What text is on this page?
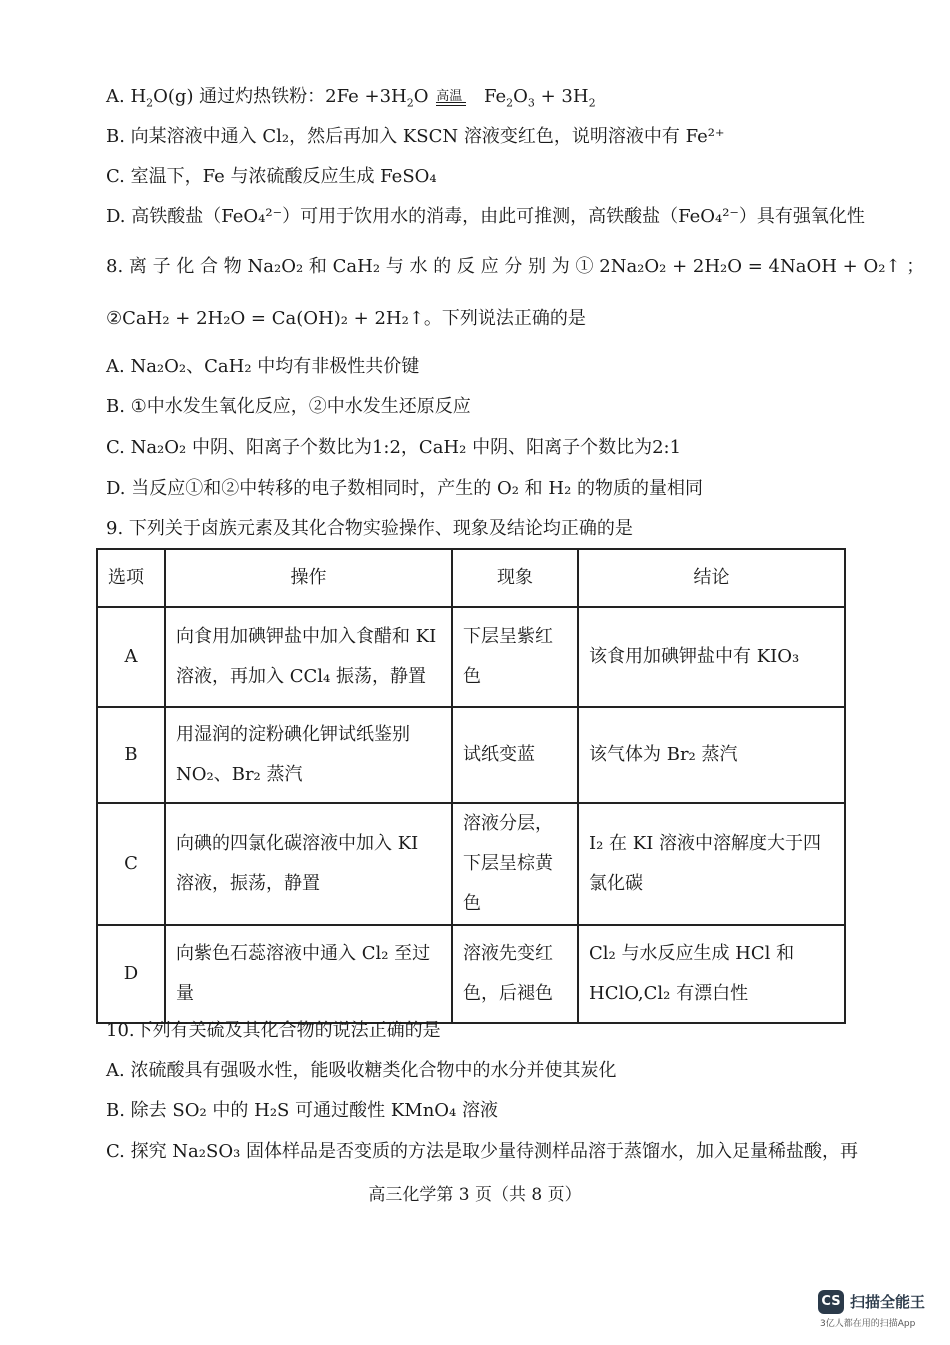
A. $H_2O(g)$ 通过灼热铁粉：$2Fe +3H_2O$ 高温 $Fe_2O_3 + 3H_2$
B. 向某溶液中通入 Cl₂，然后再加入 KSCN 溶液变红色，说明溶液中有 Fe²⁺
C. 室温下，Fe 与浓硫酸反应生成 FeSO₄
D. 高铁酸盐（FeO₄²⁻）可用于饮用水的消毒，由此可推测，高铁酸盐（FeO₄²⁻）具有强氧化性
8. 离 子 化 合 物 Na₂O₂ 和 CaH₂ 与 水 的 反 应 分 别 为 ① 2Na₂O₂ + 2H₂O = 4NaOH + O₂↑ ；
②CaH₂ + 2H₂O = Ca(OH)₂ + 2H₂↑。下列说法正确的是
A. Na₂O₂、CaH₂ 中均有非极性共价键
B. ①中水发生氧化反应，②中水发生还原反应
C. Na₂O₂ 中阴、阳离子个数比为1:2，CaH₂ 中阴、阳离子个数比为2:1
D. 当反应①和②中转移的电子数相同时，产生的 O₂ 和 H₂ 的物质的量相同
9. 下列关于卤族元素及其化合物实验操作、现象及结论均正确的是
选项	操作	现象	结论
A	向食用加碘钾盐中加入食醋和 KI 溶液，再加入 CCl₄ 振荡，静置	下层呈紫红色	该食用加碘钾盐中有 KIO₃
B	用湿润的淀粉碘化钾试纸鉴别 NO₂、Br₂ 蒸汽	试纸变蓝	该气体为 Br₂ 蒸汽
C	向碘的四氯化碳溶液中加入 KI 溶液，振荡，静置	溶液分层，下层呈棕黄色	I₂ 在 KI 溶液中溶解度大于四氯化碳
D	向紫色石蕊溶液中通入 Cl₂ 至过量	溶液先变红色，后褪色	Cl₂ 与水反应生成 HCl 和 HClO,Cl₂ 有漂白性
10.下列有关硫及其化合物的说法正确的是
A. 浓硫酸具有强吸水性，能吸收糖类化合物中的水分并使其炭化
B. 除去 SO₂ 中的 H₂S 可通过酸性 KMnO₄ 溶液
C. 探究 Na₂SO₃ 固体样品是否变质的方法是取少量待测样品溶于蒸馏水，加入足量稀盐酸，再
高三化学第 3 页（共 8 页）
CS 扫描全能王
3亿人都在用的扫描App
